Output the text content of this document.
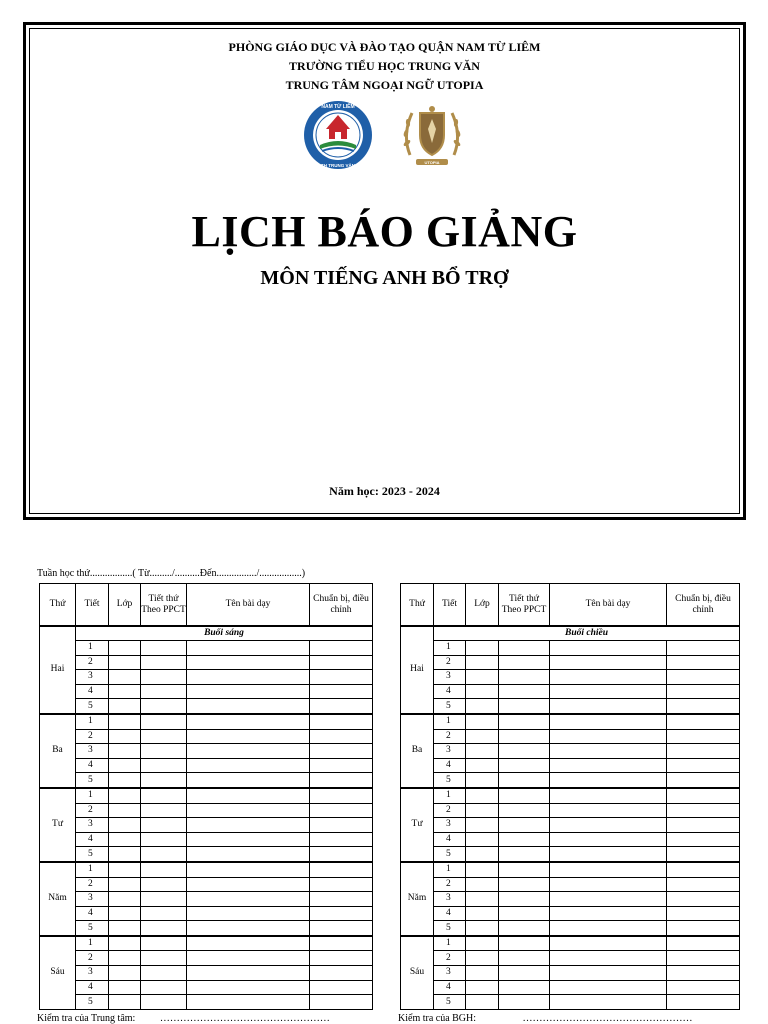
PHÒNG GIÁO DỤC VÀ ĐÀO TẠO QUẬN NAM TỪ LIÊM
TRƯỜNG TIỂU HỌC TRUNG VĂN
TRUNG TÂM NGOẠI NGỮ UTOPIA
NAM TỪ LIÊM
TH TRUNG VĂN
UTOPIA
LỊCH BÁO GIẢNG
MÔN TIẾNG ANH BỔ TRỢ
Năm học: 2023 - 2024
Tuần học thứ.................( Từ........./..........Đến................/.................)
Thứ	Tiết	Lớp	Tiết thứ Theo PPCT	Tên bài dạy	Chuẩn bị, điều chỉnh
Hai	Buổi sáng				
	1				
	2				
	3				
	4				
	5				
Ba	1				
	2				
	3				
	4				
	5				
Tư	1				
	2				
	3				
	4				
	5				
Năm	1				
	2				
	3				
	4				
	5				
Sáu	1				
	2				
	3				
	4				
	5				
Thứ	Tiết	Lớp	Tiết thứ Theo PPCT	Tên bài dạy	Chuẩn bị, điều chỉnh
Hai	Buổi chiều				
	1				
	2				
	3				
	4				
	5				
Ba	1				
	2				
	3				
	4				
	5				
Tư	1				
	2				
	3				
	4				
	5				
Năm	1				
	2				
	3				
	4				
	5				
Sáu	1				
	2				
	3				
	4				
	5				
Kiểm tra của Trung tâm: ……………………………………………	Kiểm tra của BGH:	……………………………………………
